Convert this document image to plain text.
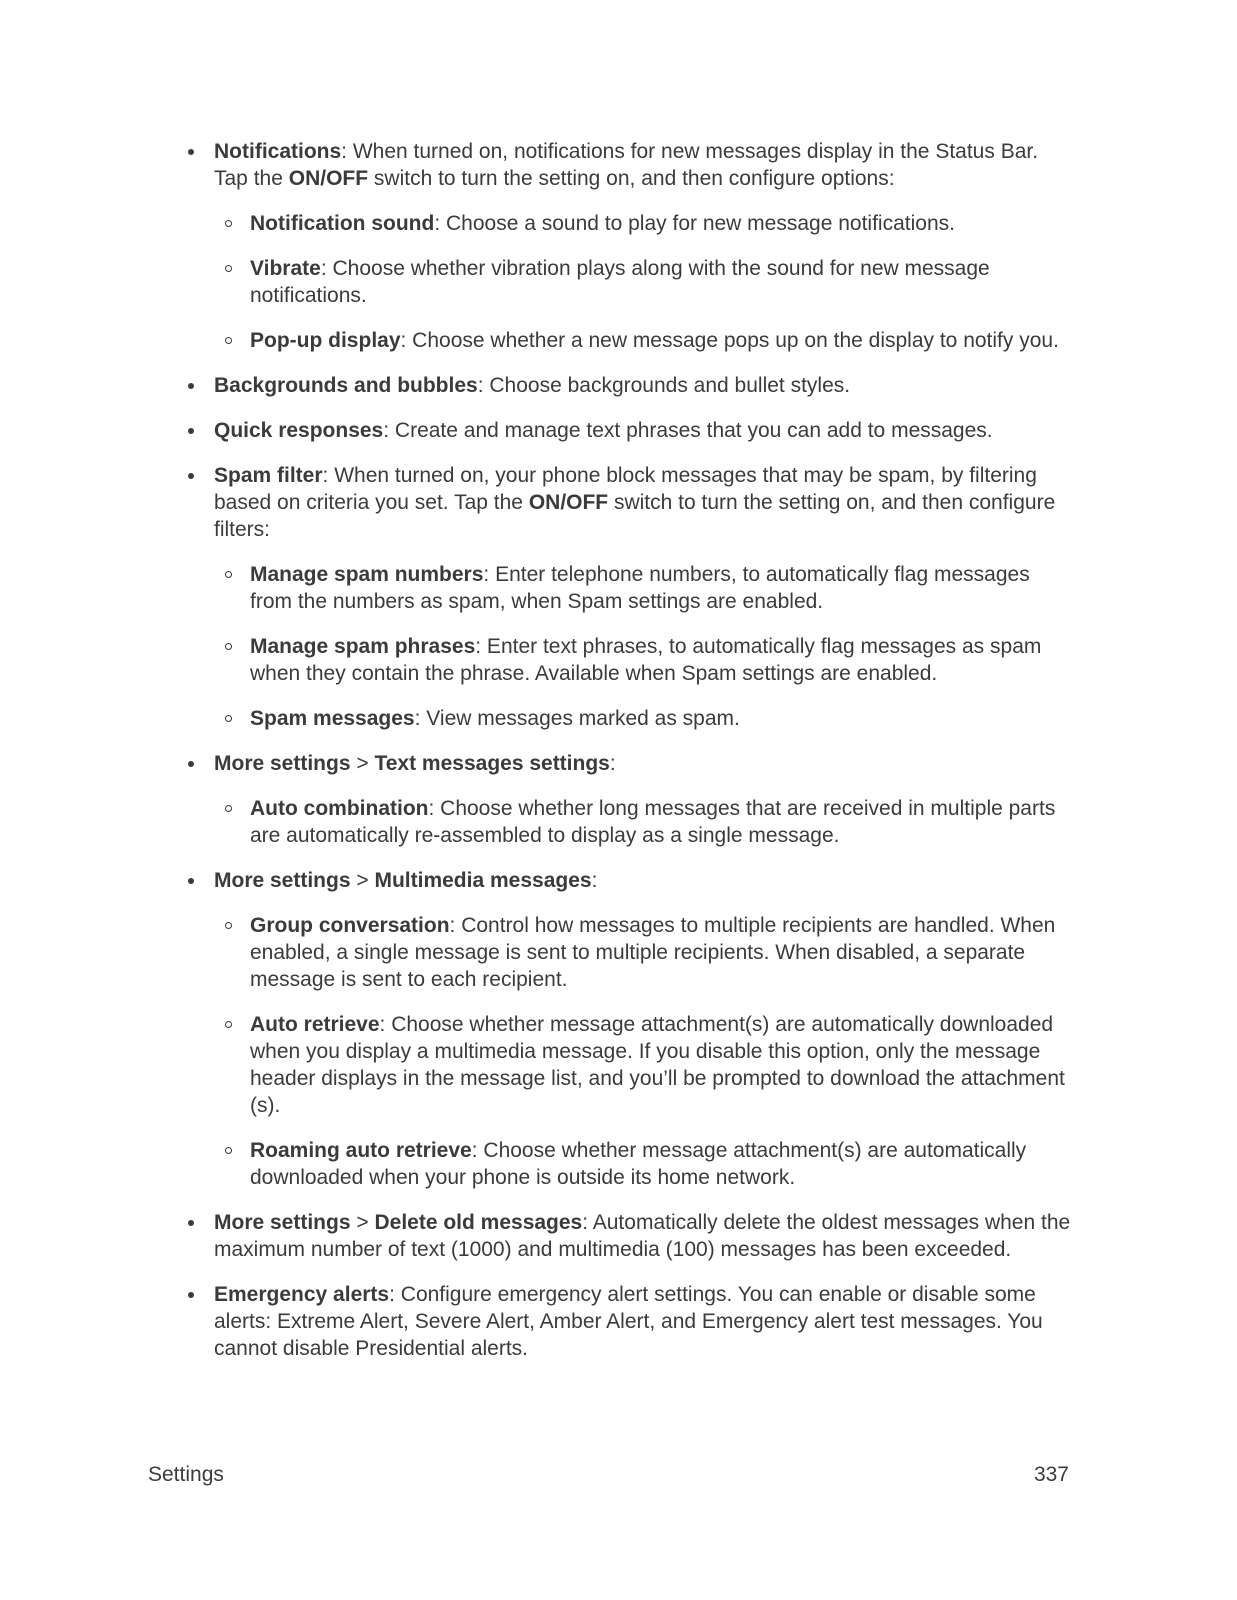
Notifications: When turned on, notifications for new messages display in the Status Bar. Tap the ON/OFF switch to turn the setting on, and then configure options:
Notification sound: Choose a sound to play for new message notifications.
Vibrate: Choose whether vibration plays along with the sound for new message notifications.
Pop-up display: Choose whether a new message pops up on the display to notify you.
Backgrounds and bubbles: Choose backgrounds and bullet styles.
Quick responses: Create and manage text phrases that you can add to messages.
Spam filter: When turned on, your phone block messages that may be spam, by filtering based on criteria you set. Tap the ON/OFF switch to turn the setting on, and then configure filters:
Manage spam numbers: Enter telephone numbers, to automatically flag messages from the numbers as spam, when Spam settings are enabled.
Manage spam phrases: Enter text phrases, to automatically flag messages as spam when they contain the phrase. Available when Spam settings are enabled.
Spam messages: View messages marked as spam.
More settings > Text messages settings:
Auto combination: Choose whether long messages that are received in multiple parts are automatically re-assembled to display as a single message.
More settings > Multimedia messages:
Group conversation: Control how messages to multiple recipients are handled. When enabled, a single message is sent to multiple recipients. When disabled, a separate message is sent to each recipient.
Auto retrieve: Choose whether message attachment(s) are automatically downloaded when you display a multimedia message. If you disable this option, only the message header displays in the message list, and you’ll be prompted to download the attachment (s).
Roaming auto retrieve: Choose whether message attachment(s) are automatically downloaded when your phone is outside its home network.
More settings > Delete old messages: Automatically delete the oldest messages when the maximum number of text (1000) and multimedia (100) messages has been exceeded.
Emergency alerts: Configure emergency alert settings. You can enable or disable some alerts: Extreme Alert, Severe Alert, Amber Alert, and Emergency alert test messages. You cannot disable Presidential alerts.
Settings	337
